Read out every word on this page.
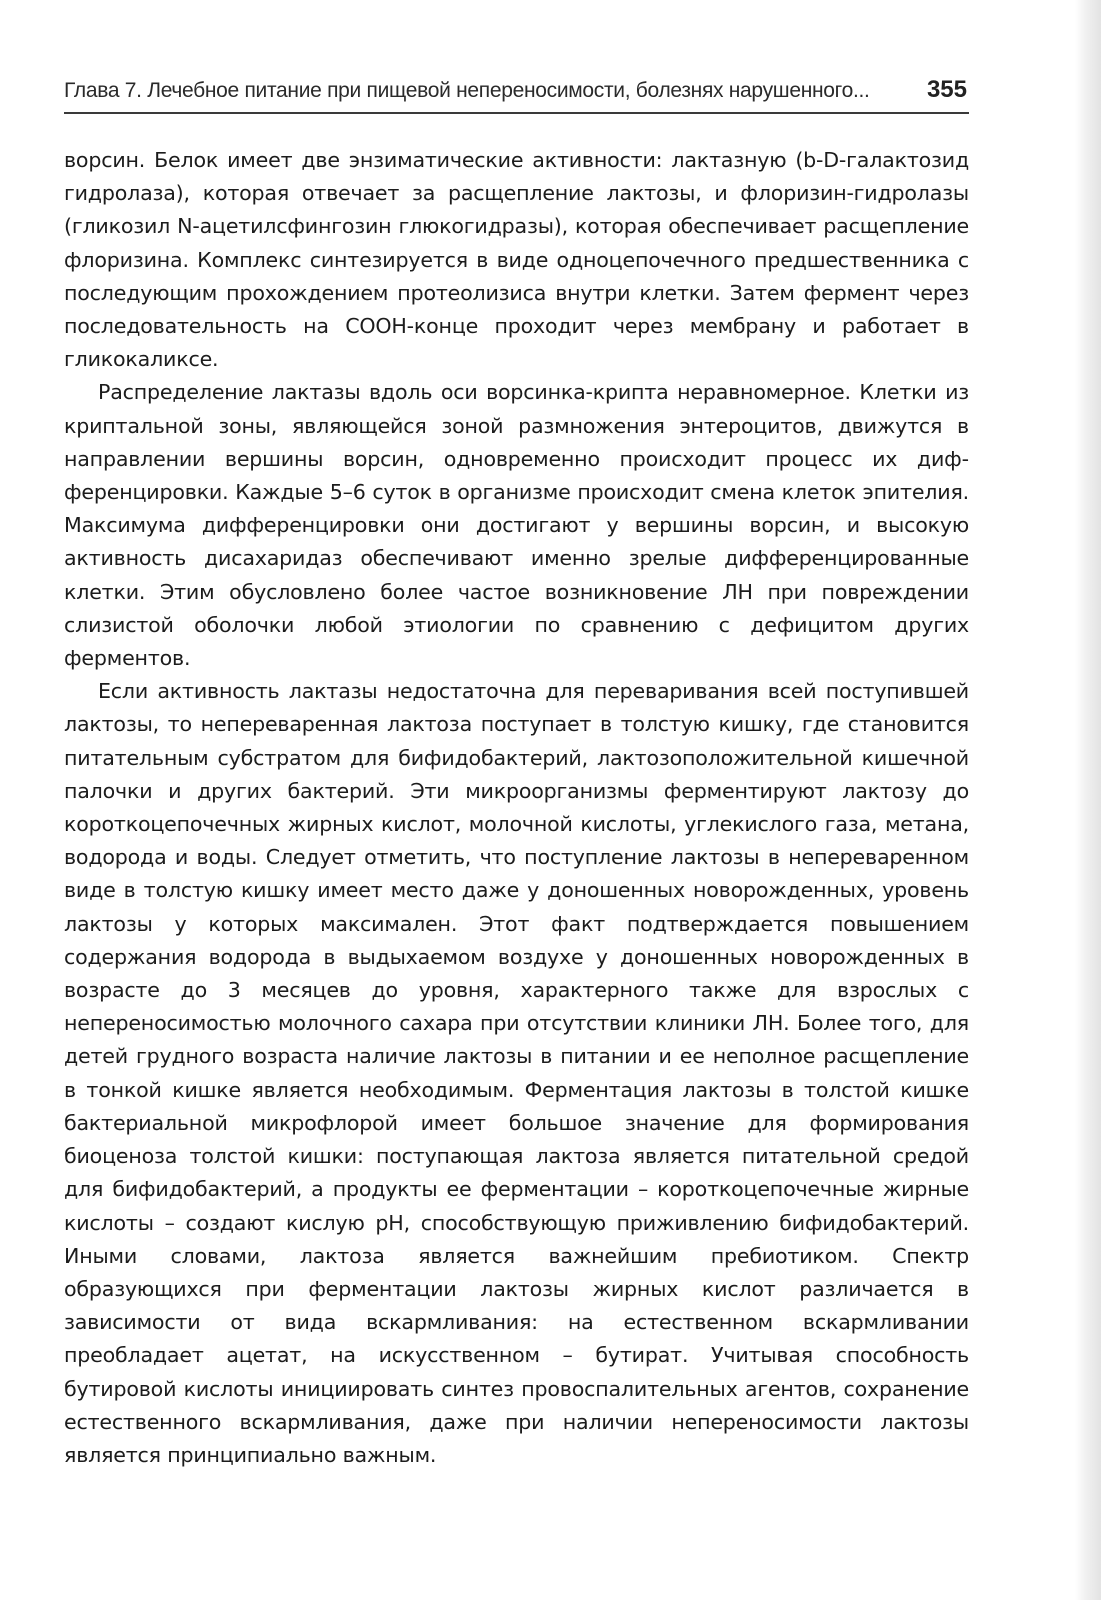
Глава 7. Лечебное питание при пищевой непереносимости, болезнях нарушенного... 355

ворсин. Белок имеет две энзиматические активности: лактазную (b-D-галактозид гидролаза), которая отвечает за расщепление лактозы, и флоризин-гидролазы (гликозил N-ацетилсфингозин глюкогидразы), которая обеспечивает расщепление флоризина. Комплекс синтезируется в виде одноцепочечного предшественника с последующим прохождением протеолизиса внутри клетки. Затем фермент через последовательность на COOH-конце проходит через мембрану и работает в гликокаликсе.

Распределение лактазы вдоль оси ворсинка-крипта неравномерное. Клетки из криптальной зоны, являющейся зоной размножения энтероцитов, движутся в направлении вершины ворсин, одновременно происходит процесс их дифференцировки. Каждые 5–6 суток в организме происходит смена клеток эпителия. Максимума дифференцировки они достигают у вершины ворсин, и высокую активность дисахаридаз обеспечивают именно зрелые дифференцированные клетки. Этим обусловлено более частое возникновение ЛН при повреждении слизистой оболочки любой этиологии по сравнению с дефицитом других ферментов.

Если активность лактазы недостаточна для переваривания всей поступившей лактозы, то непереваренная лактоза поступает в толстую кишку, где становится питательным субстратом для бифидобактерий, лактозоположительной кишечной палочки и других бактерий. Эти микроорганизмы ферментируют лактозу до короткоцепочечных жирных кислот, молочной кислоты, углекислого газа, метана, водорода и воды. Следует отметить, что поступление лактозы в непереваренном виде в толстую кишку имеет место даже у доношенных новорожденных, уровень лактозы у которых максимален. Этот факт подтверждается повышением содержания водорода в выдыхаемом воздухе у доношенных новорожденных в возрасте до 3 месяцев до уровня, характерного также для взрослых с непереносимостью молочного сахара при отсутствии клиники ЛН. Более того, для детей грудного возраста наличие лактозы в питании и ее неполное расщепление в тонкой кишке является необходимым. Ферментация лактозы в толстой кишке бактериальной микрофлорой имеет большое значение для формирования биоценоза толстой кишки: поступающая лактоза является питательной средой для бифидобактерий, а продукты ее ферментации – короткоцепочечные жирные кислоты – создают кислую рН, способствующую приживлению бифидобактерий. Иными словами, лактоза является важнейшим пребиотиком. Спектр образующихся при ферментации лактозы жирных кислот различается в зависимости от вида вскармливания: на естественном вскармливании преобладает ацетат, на искусственном – бутират. Учитывая способность бутировой кислоты инициировать синтез провоспалительных агентов, сохранение естественного вскармливания, даже при наличии непереносимости лактозы является принципиально важным.
